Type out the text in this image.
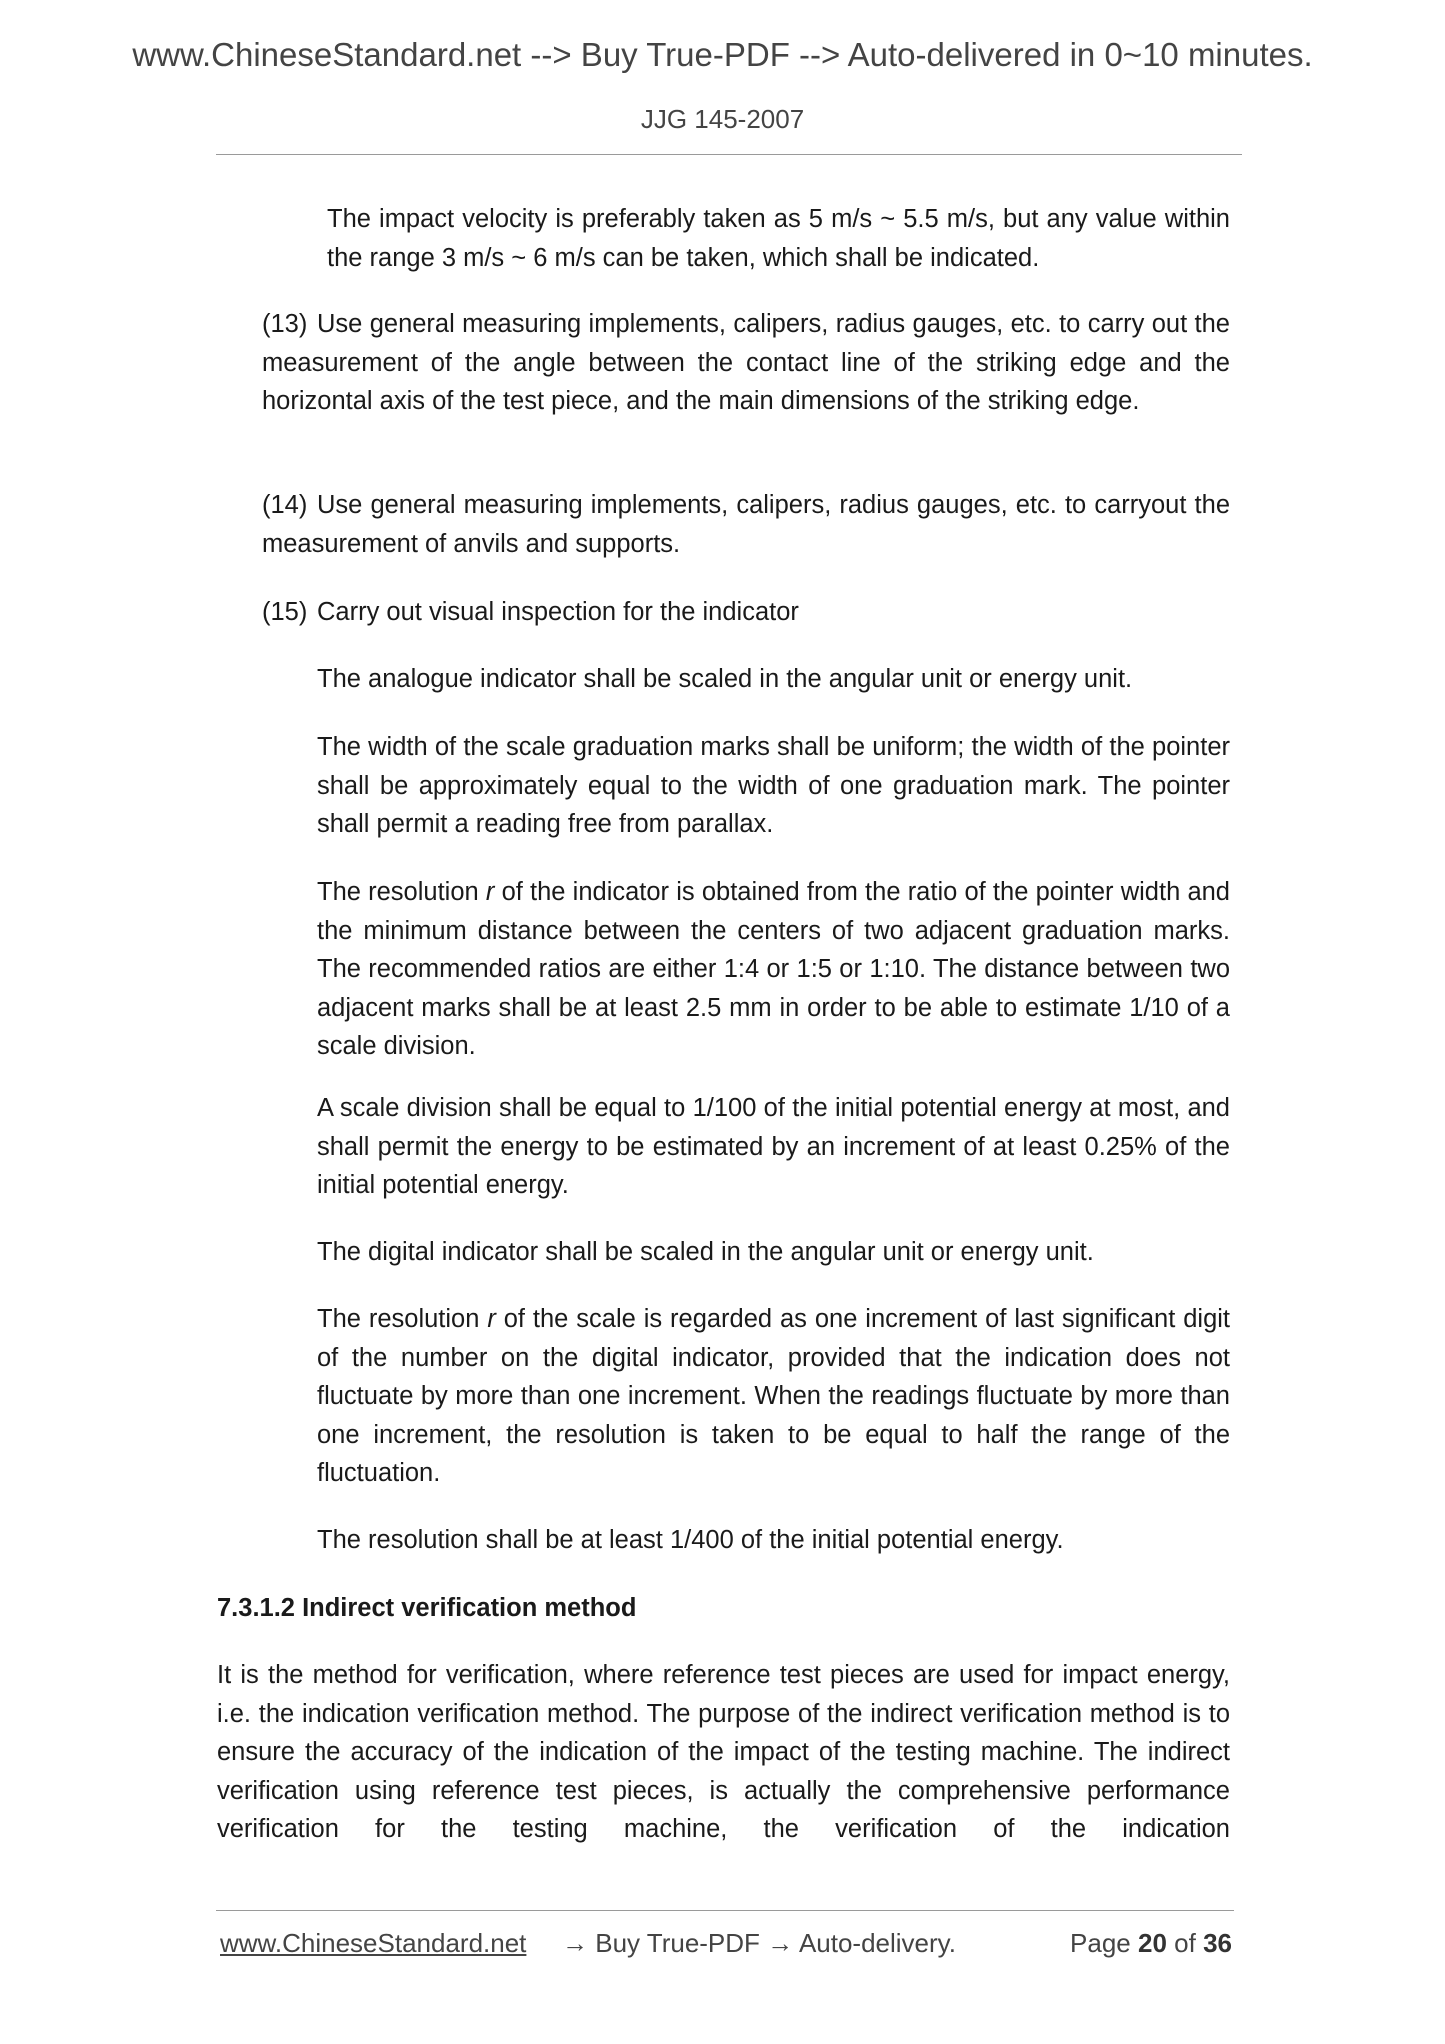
www.ChineseStandard.net --> Buy True-PDF --> Auto-delivered in 0~10 minutes.
JJG 145-2007
The impact velocity is preferably taken as 5 m/s ~ 5.5 m/s, but any value within the range 3 m/s ~ 6 m/s can be taken, which shall be indicated.
(13) Use general measuring implements, calipers, radius gauges, etc. to carry out the measurement of the angle between the contact line of the striking edge and the horizontal axis of the test piece, and the main dimensions of the striking edge.
(14) Use general measuring implements, calipers, radius gauges, etc. to carryout the measurement of anvils and supports.
(15) Carry out visual inspection for the indicator
The analogue indicator shall be scaled in the angular unit or energy unit.
The width of the scale graduation marks shall be uniform; the width of the pointer shall be approximately equal to the width of one graduation mark. The pointer shall permit a reading free from parallax.
The resolution r of the indicator is obtained from the ratio of the pointer width and the minimum distance between the centers of two adjacent graduation marks. The recommended ratios are either 1:4 or 1:5 or 1:10. The distance between two adjacent marks shall be at least 2.5 mm in order to be able to estimate 1/10 of a scale division.
A scale division shall be equal to 1/100 of the initial potential energy at most, and shall permit the energy to be estimated by an increment of at least 0.25% of the initial potential energy.
The digital indicator shall be scaled in the angular unit or energy unit.
The resolution r of the scale is regarded as one increment of last significant digit of the number on the digital indicator, provided that the indication does not fluctuate by more than one increment. When the readings fluctuate by more than one increment, the resolution is taken to be equal to half the range of the fluctuation.
The resolution shall be at least 1/400 of the initial potential energy.
7.3.1.2 Indirect verification method
It is the method for verification, where reference test pieces are used for impact energy, i.e. the indication verification method. The purpose of the indirect verification method is to ensure the accuracy of the indication of the impact of the testing machine. The indirect verification using reference test pieces, is actually the comprehensive performance verification for the testing machine, the verification of the indication
www.ChineseStandard.net → Buy True-PDF → Auto-delivery.	Page 20 of 36
